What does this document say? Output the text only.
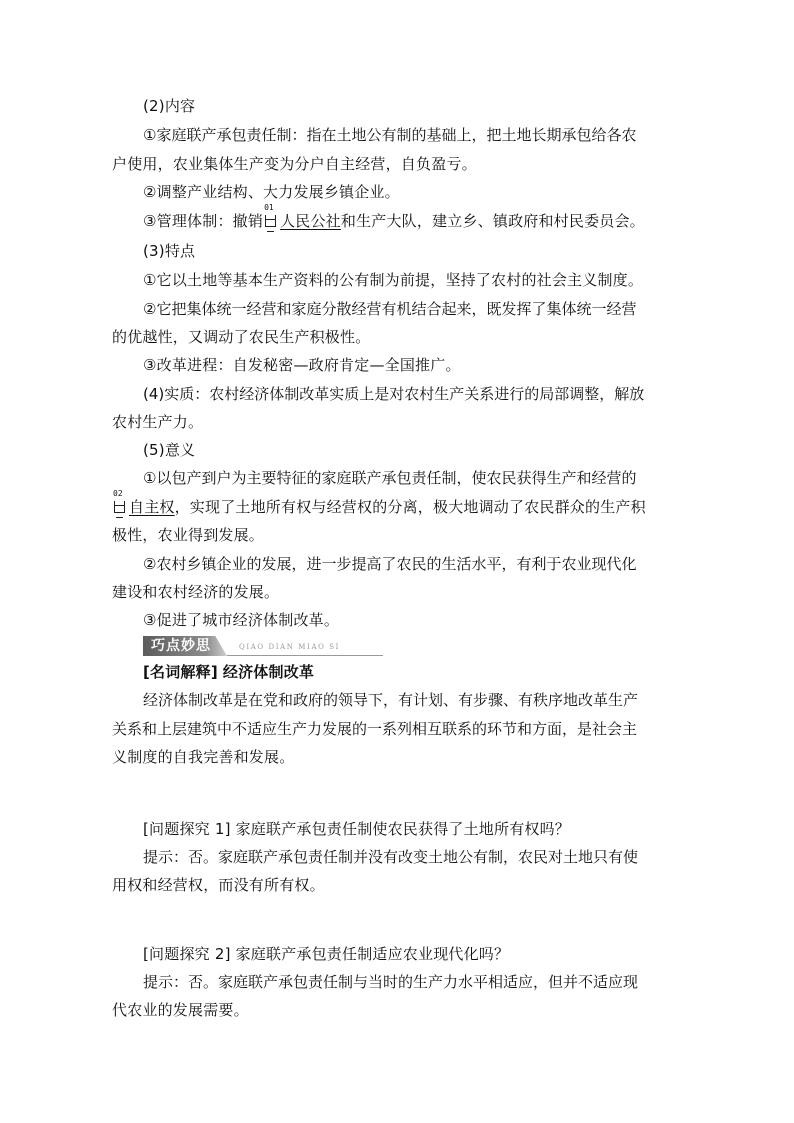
(2)内容
①家庭联产承包责任制：指在土地公有制的基础上，把土地长期承包给各农
户使用，农业集体生产变为分户自主经营，自负盈亏。
②调整产业结构、大力发展乡镇企业。
③管理体制：撤销
01
人民公社和生产大队，建立乡、镇政府和村民委员会。
(3)特点
①它以土地等基本生产资料的公有制为前提，坚持了农村的社会主义制度。
②它把集体统一经营和家庭分散经营有机结合起来，既发挥了集体统一经营
的优越性，又调动了农民生产积极性。
③改革进程：自发秘密—政府肯定—全国推广。
(4)实质：农村经济体制改革实质上是对农村生产关系进行的局部调整，解放
农村生产力。
(5)意义
①以包产到户为主要特征的家庭联产承包责任制，使农民获得生产和经营的
02
自主权，实现了土地所有权与经营权的分离，极大地调动了农民群众的生产积
极性，农业得到发展。
②农村乡镇企业的发展，进一步提高了农民的生活水平，有利于农业现代化
建设和农村经济的发展。
③促进了城市经济体制改革。
巧点妙思	QIAO DIAN MIAO SI
[名词解释] 经济体制改革
经济体制改革是在党和政府的领导下，有计划、有步骤、有秩序地改革生产
关系和上层建筑中不适应生产力发展的一系列相互联系的环节和方面，是社会主
义制度的自我完善和发展。
[问题探究 1] 家庭联产承包责任制使农民获得了土地所有权吗？
提示：否。家庭联产承包责任制并没有改变土地公有制，农民对土地只有使
用权和经营权，而没有所有权。
[问题探究 2] 家庭联产承包责任制适应农业现代化吗？
提示：否。家庭联产承包责任制与当时的生产力水平相适应，但并不适应现
代农业的发展需要。
